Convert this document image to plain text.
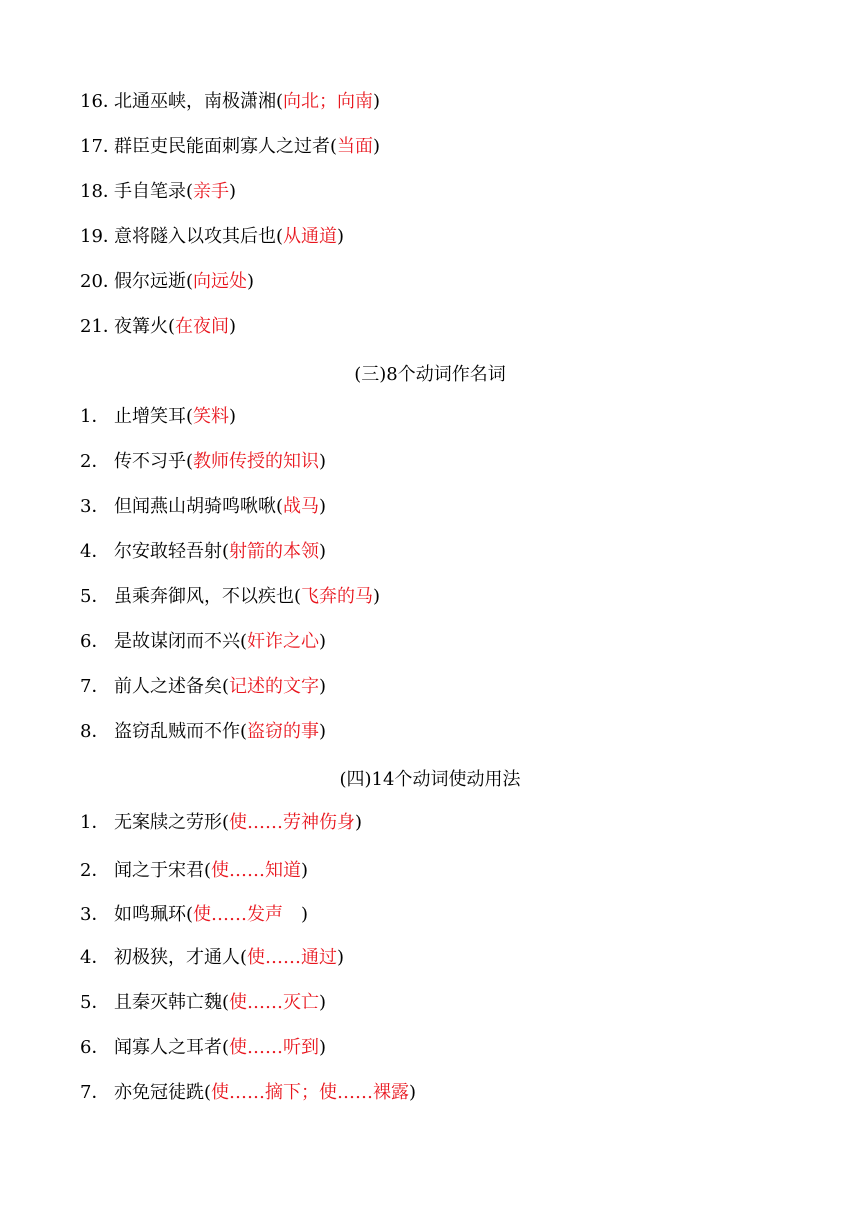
16．北通巫峡，南极潇湘(向北；向南)
17．群臣吏民能面刺寡人之过者(当面)
18．手自笔录(亲手)
19．意将隧入以攻其后也(从通道)
20．假尔远逝(向远处)
21．夜篝火(在夜间)
(三)8个动词作名词
1． 止增笑耳(笑料)
2． 传不习乎(教师传授的知识)
3． 但闻燕山胡骑鸣啾啾(战马)
4． 尔安敢轻吾射(射箭的本领)
5． 虽乘奔御风，不以疾也(飞奔的马)
6． 是故谋闭而不兴(奸诈之心)
7． 前人之述备矣(记述的文字)
8． 盗窃乱贼而不作(盗窃的事)
(四)14个动词使动用法
1． 无案牍之劳形(使……劳神伤身)
2． 闻之于宋君(使……知道)
3． 如鸣珮环(使……发声　)
4． 初极狭，才通人(使……通过)
5． 且秦灭韩亡魏(使……灭亡)
6． 闻寡人之耳者(使……听到)
7． 亦免冠徒跣(使……摘下；使……裸露)
